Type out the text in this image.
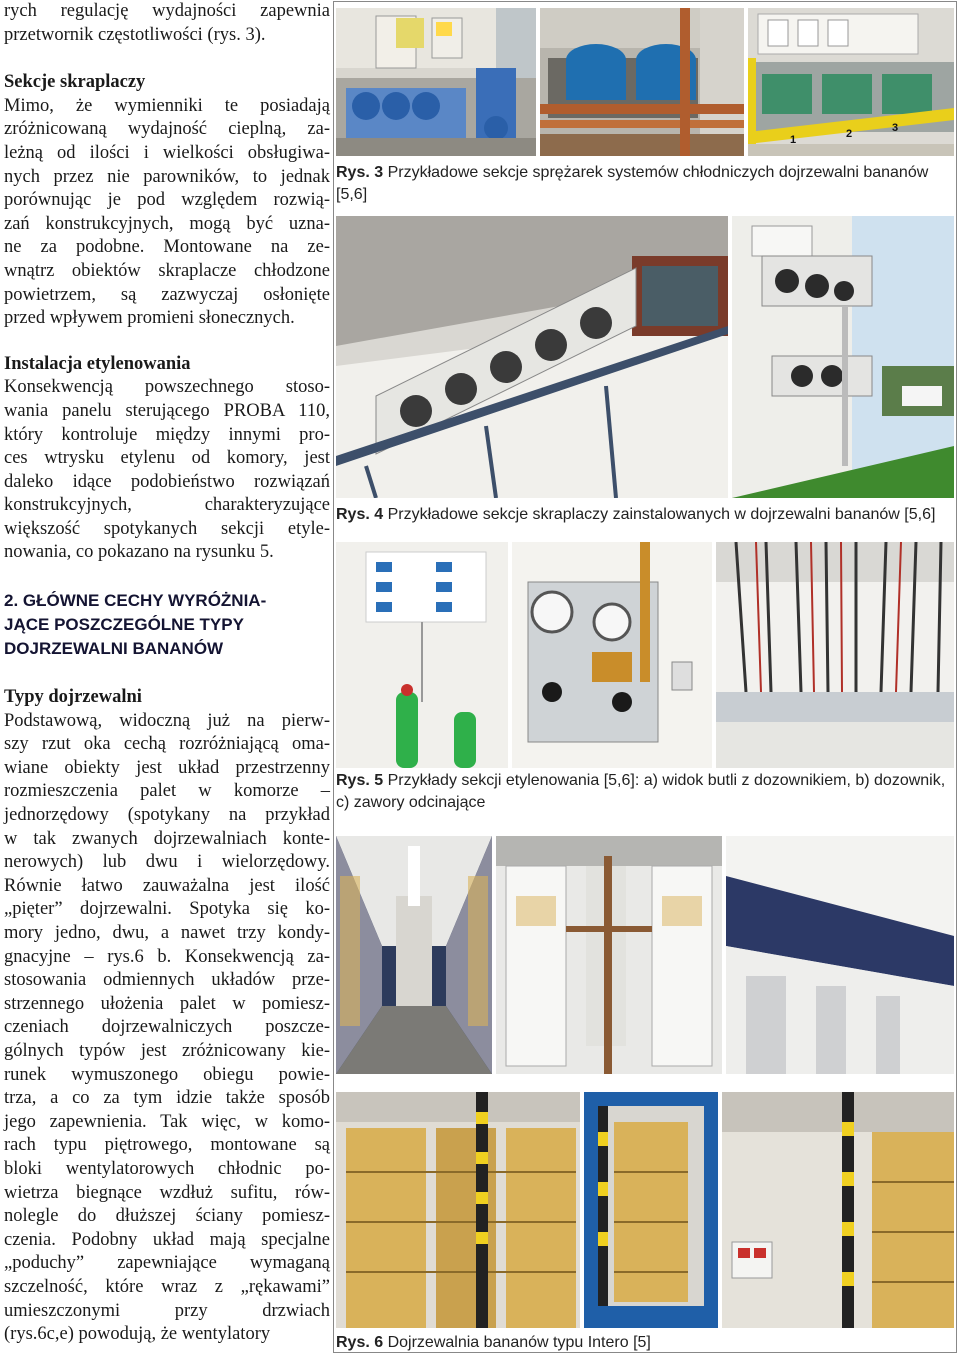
rych regulację wydajności zapewnia
przetwornik częstotliwości (rys. 3).

Sekcje skraplaczy
Mimo, że wymienniki te posiadają
zróżnicowaną wydajność cieplną, za-
leżną od ilości i wielkości obsługiwa-
nych przez nie parowników, to jednak
porównując je pod względem rozwią-
zań konstrukcyjnych, mogą być uzna-
ne za podobne. Montowane na ze-
wnątrz obiektów skraplacze chłodzone
powietrzem, są zazwyczaj osłonięte
przed wpływem promieni słonecznych.

Instalacja etylenowania
Konsekwencją powszechnego stoso-
wania panelu sterującego PROBA 110,
który kontroluje między innymi pro-
ces wtrysku etylenu od komory, jest
daleko idące podobieństwo rozwiązań
konstrukcyjnych, charakteryzujące
większość spotykanych sekcji etyle-
nowania, co pokazano na rysunku 5.

2. GŁÓWNE CECHY WYRÓŻNIA-
JĄCE POSZCZEGÓLNE TYPY
DOJRZEWALNI BANANÓW

Typy dojrzewalni
Podstawową, widoczną już na pierw-
szy rzut oka cechą rozróżniającą oma-
wiane obiekty jest układ przestrzenny
rozmieszczenia palet w komorze –
jednorzędowy (spotykany na przykład
w tak zwanych dojrzewalniach konte-
nerowych) lub dwu i wielorzędowy.
Równie łatwo zauważalna jest ilość
„pięter” dojrzewalni. Spotyka się ko-
mory jedno, dwu, a nawet trzy kondy-
gnacyjne – rys.6 b. Konsekwencją za-
stosowania odmiennych układów prze-
strzennego ułożenia palet w pomiesz-
czeniach dojrzewalniczych poszcze-
gólnych typów jest zróżnicowany kie-
runek wymuszonego obiegu powie-
trza, a co za tym idzie także sposób
jego zapewnienia. Tak więc, w komo-
rach typu piętrowego, montowane są
bloki wentylatorowych chłodnic po-
wietrza biegnące wzdłuż sufitu, rów-
nolegle do dłuższej ściany pomiesz-
czenia. Podobny układ mają specjalne
„poduchy” zapewniające wymaganą
szczelność, które wraz z „rękawami”
umieszczonymi przy drzwiach
(rys.6c,e) powodują, że wentylatory

1	2	3
Rys. 3 Przykładowe sekcje sprężarek systemów chłodniczych dojrzewalni bananów [5,6]
Rys. 4 Przykładowe sekcje skraplaczy zainstalowanych w dojrzewalni bananów [5,6]
Rys. 5 Przykłady sekcji etylenowania [5,6]: a) widok butli z dozownikiem, b) dozownik, c) zawory odcinające
Rys. 6 Dojrzewalnia bananów typu Intero [5]
